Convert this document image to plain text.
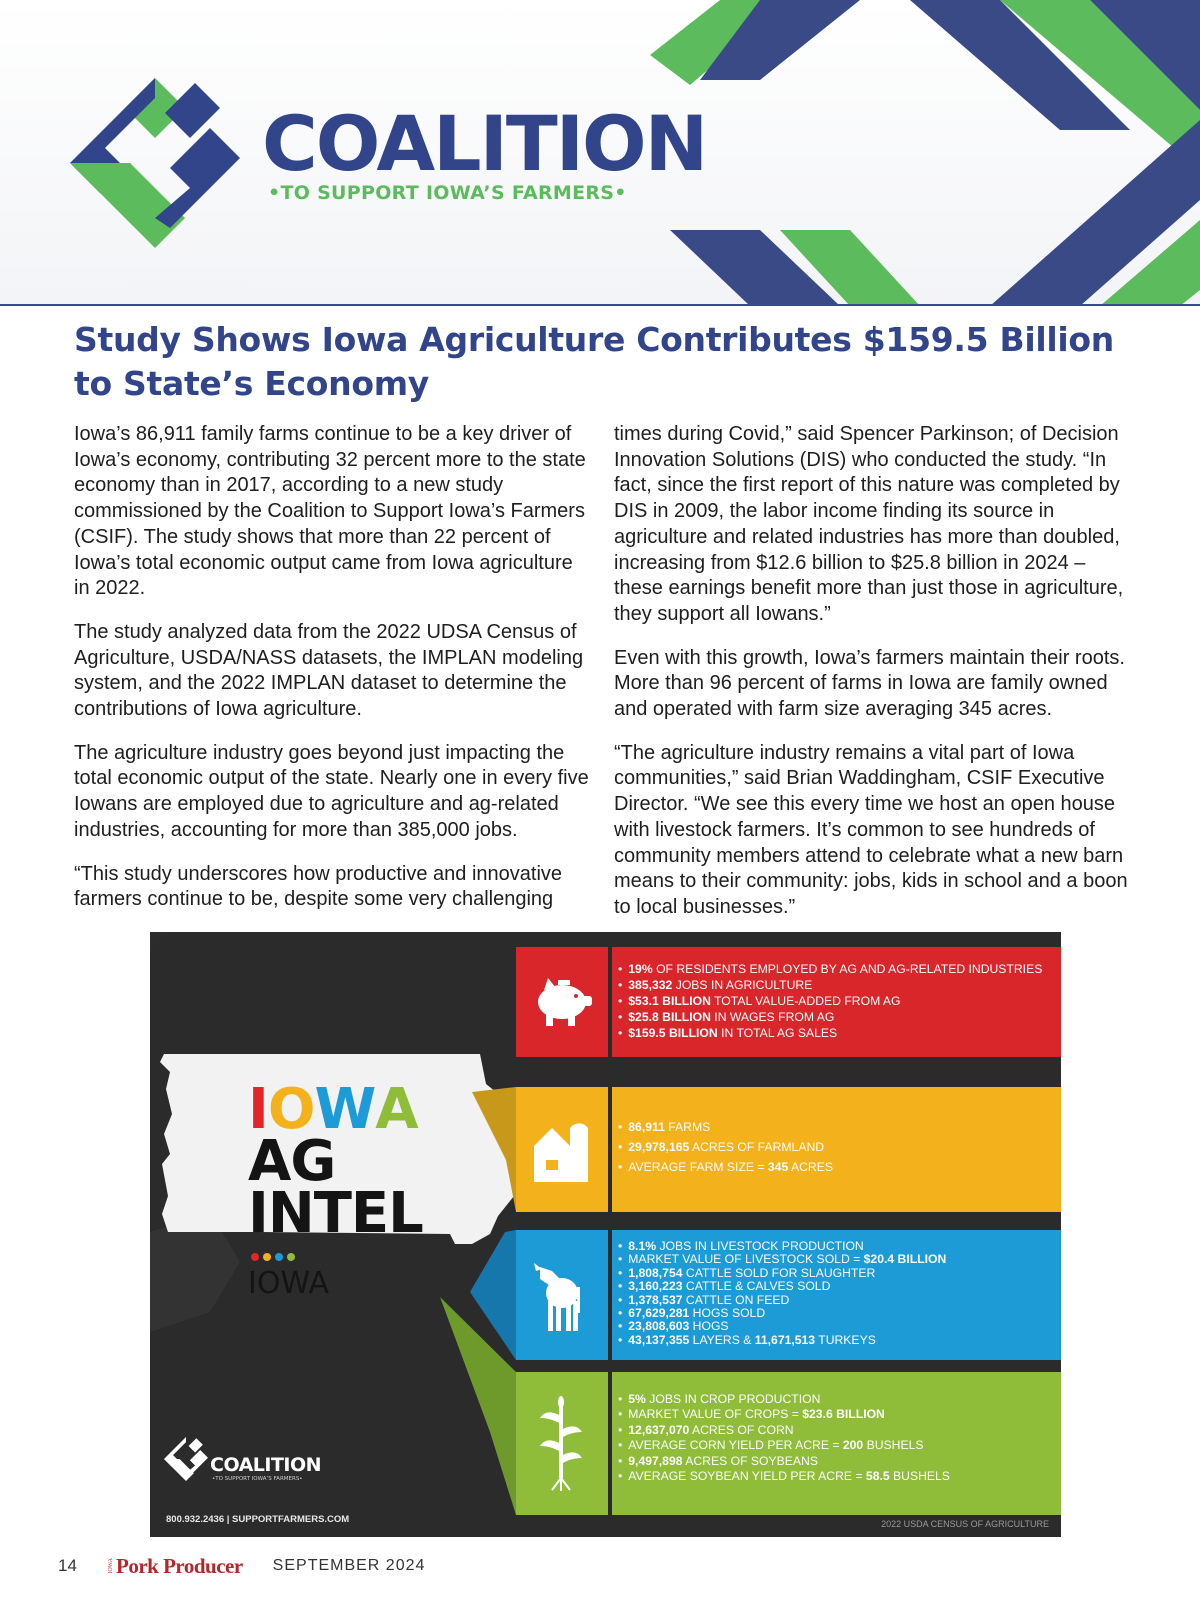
COALITION
•TO SUPPORT IOWA’S FARMERS•
Study Shows Iowa Agriculture Contributes $159.5 Billion to State’s Economy

Iowa’s 86,911 family farms continue to be a key driver of Iowa’s economy, contributing 32 percent more to the state economy than in 2017, according to a new study commissioned by the Coalition to Support Iowa’s Farmers (CSIF). The study shows that more than 22 percent of Iowa’s total economic output came from Iowa agriculture in 2022.

The study analyzed data from the 2022 UDSA Census of Agriculture, USDA/NASS datasets, the IMPLAN modeling system, and the 2022 IMPLAN dataset to determine the contributions of Iowa agriculture.

The agriculture industry goes beyond just impacting the total economic output of the state. Nearly one in every five Iowans are employed due to agriculture and ag-related industries, accounting for more than 385,000 jobs.

“This study underscores how productive and innovative farmers continue to be, despite some very challenging

times during Covid,” said Spencer Parkinson; of Decision Innovation Solutions (DIS) who conducted the study. “In fact, since the first report of this nature was completed by DIS in 2009, the labor income finding its source in agriculture and related industries has more than doubled, increasing from $12.6 billion to $25.8 billion in 2024 – these earnings benefit more than just those in agriculture, they support all Iowans.”

Even with this growth, Iowa’s farmers maintain their roots. More than 96 percent of farms in Iowa are family owned and operated with farm size averaging 345 acres.

“The agriculture industry remains a vital part of Iowa communities,” said Brian Waddingham, CSIF Executive Director. “We see this every time we host an open house with livestock farmers. It’s common to see hundreds of community members attend to celebrate what a new barn means to their community: jobs, kids in school and a boon to local businesses.”

IOWA
AG
INTEL
IOWA
• 19% OF RESIDENTS EMPLOYED BY AG AND AG-RELATED INDUSTRIES
• 385,332 JOBS IN AGRICULTURE
• $53.1 BILLION TOTAL VALUE-ADDED FROM AG
• $25.8 BILLION IN WAGES FROM AG
• $159.5 BILLION IN TOTAL AG SALES
• 86,911 FARMS
• 29,978,165 ACRES OF FARMLAND
• AVERAGE FARM SIZE = 345 ACRES
• 8.1% JOBS IN LIVESTOCK PRODUCTION
• MARKET VALUE OF LIVESTOCK SOLD = $20.4 BILLION
• 1,808,754 CATTLE SOLD FOR SLAUGHTER
• 3,160,223 CATTLE & CALVES SOLD
• 1,378,537 CATTLE ON FEED
• 67,629,281 HOGS SOLD
• 23,808,603 HOGS
• 43,137,355 LAYERS & 11,671,513 TURKEYS
• 5% JOBS IN CROP PRODUCTION
• MARKET VALUE OF CROPS = $23.6 BILLION
• 12,637,070 ACRES OF CORN
• AVERAGE CORN YIELD PER ACRE = 200 BUSHELS
• 9,497,898 ACRES OF SOYBEANS
• AVERAGE SOYBEAN YIELD PER ACRE = 58.5 BUSHELS
COALITION
•TO SUPPORT IOWA’S FARMERS•
800.932.2436 | SUPPORTFARMERS.COM	2022 USDA CENSUS OF AGRICULTURE
14	IOWA Pork Producer SEPTEMBER 2024
